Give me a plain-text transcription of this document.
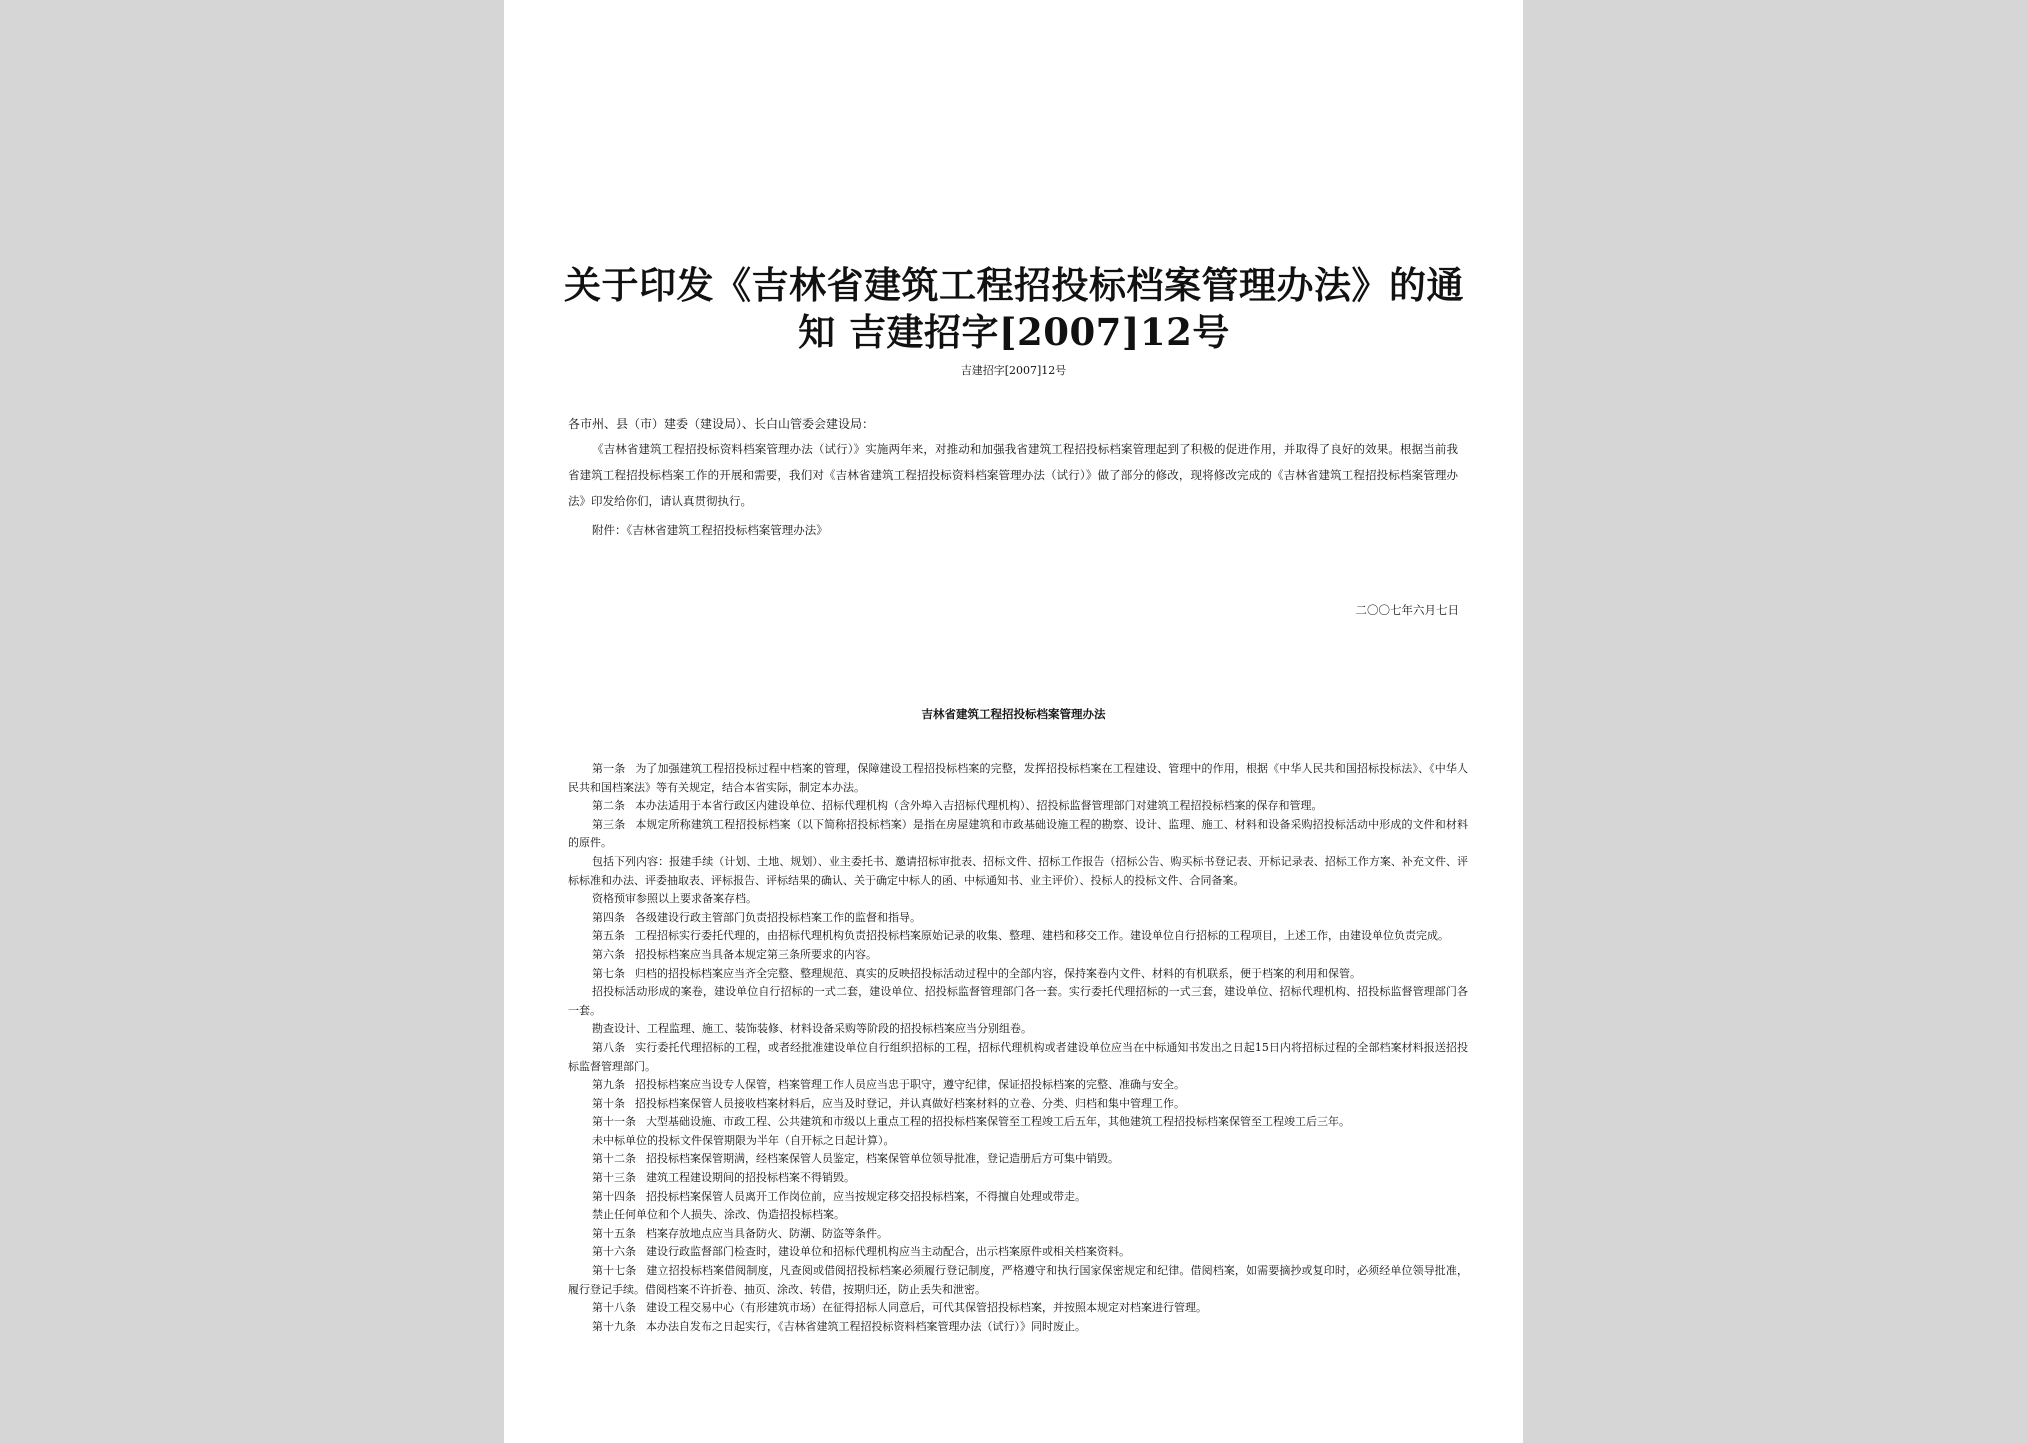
关于印发《吉林省建筑工程招投标档案管理办法》的通知 吉建招字[2007]12号

吉建招字[2007]12号

各市州、县（市）建委（建设局）、长白山管委会建设局：

《吉林省建筑工程招投标资料档案管理办法（试行）》实施两年来，对推动和加强我省建筑工程招投标档案管理起到了积极的促进作用，并取得了良好的效果。根据当前我省建筑工程招投标档案工作的开展和需要，我们对《吉林省建筑工程招投标资料档案管理办法（试行）》做了部分的修改，现将修改完成的《吉林省建筑工程招投标档案管理办法》印发给你们，请认真贯彻执行。

附件：《吉林省建筑工程招投标档案管理办法》

二〇〇七年六月七日

吉林省建筑工程招投标档案管理办法

第一条 为了加强建筑工程招投标过程中档案的管理，保障建设工程招投标档案的完整，发挥招投标档案在工程建设、管理中的作用，根据《中华人民共和国招标投标法》、《中华人民共和国档案法》等有关规定，结合本省实际，制定本办法。

第二条 本办法适用于本省行政区内建设单位、招标代理机构（含外埠入吉招标代理机构）、招投标监督管理部门对建筑工程招投标档案的保存和管理。

第三条 本规定所称建筑工程招投标档案（以下简称招投标档案）是指在房屋建筑和市政基础设施工程的勘察、设计、监理、施工、材料和设备采购招投标活动中形成的文件和材料的原件。

包括下列内容：报建手续（计划、土地、规划）、业主委托书、邀请招标审批表、招标文件、招标工作报告（招标公告、购买标书登记表、开标记录表、招标工作方案、补充文件、评标标准和办法、评委抽取表、评标报告、评标结果的确认、关于确定中标人的函、中标通知书、业主评价）、投标人的投标文件、合同备案。

资格预审参照以上要求备案存档。

第四条 各级建设行政主管部门负责招投标档案工作的监督和指导。

第五条 工程招标实行委托代理的，由招标代理机构负责招投标档案原始记录的收集、整理、建档和移交工作。建设单位自行招标的工程项目，上述工作，由建设单位负责完成。

第六条 招投标档案应当具备本规定第三条所要求的内容。

第七条 归档的招投标档案应当齐全完整、整理规范、真实的反映招投标活动过程中的全部内容，保持案卷内文件、材料的有机联系，便于档案的利用和保管。

招投标活动形成的案卷，建设单位自行招标的一式二套，建设单位、招投标监督管理部门各一套。实行委托代理招标的一式三套，建设单位、招标代理机构、招投标监督管理部门各一套。

勘查设计、工程监理、施工、装饰装修、材料设备采购等阶段的招投标档案应当分别组卷。

第八条 实行委托代理招标的工程，或者经批准建设单位自行组织招标的工程，招标代理机构或者建设单位应当在中标通知书发出之日起15日内将招标过程的全部档案材料报送招投标监督管理部门。

第九条 招投标档案应当设专人保管，档案管理工作人员应当忠于职守，遵守纪律，保证招投标档案的完整、准确与安全。

第十条 招投标档案保管人员接收档案材料后，应当及时登记，并认真做好档案材料的立卷、分类、归档和集中管理工作。

第十一条 大型基础设施、市政工程、公共建筑和市级以上重点工程的招投标档案保管至工程竣工后五年，其他建筑工程招投标档案保管至工程竣工后三年。

未中标单位的投标文件保管期限为半年（自开标之日起计算）。

第十二条 招投标档案保管期满，经档案保管人员鉴定，档案保管单位领导批准，登记造册后方可集中销毁。

第十三条 建筑工程建设期间的招投标档案不得销毁。

第十四条 招投标档案保管人员离开工作岗位前，应当按规定移交招投标档案，不得擅自处理或带走。

禁止任何单位和个人损失、涂改、伪造招投标档案。

第十五条 档案存放地点应当具备防火、防潮、防盗等条件。

第十六条 建设行政监督部门检查时，建设单位和招标代理机构应当主动配合，出示档案原件或相关档案资料。

第十七条 建立招投标档案借阅制度，凡查阅或借阅招投标档案必须履行登记制度，严格遵守和执行国家保密规定和纪律。借阅档案，如需要摘抄或复印时，必须经单位领导批准，履行登记手续。借阅档案不许折卷、抽页、涂改、转借，按期归还，防止丢失和泄密。

第十八条 建设工程交易中心（有形建筑市场）在征得招标人同意后，可代其保管招投标档案，并按照本规定对档案进行管理。

第十九条 本办法自发布之日起实行，《吉林省建筑工程招投标资料档案管理办法（试行）》同时废止。
